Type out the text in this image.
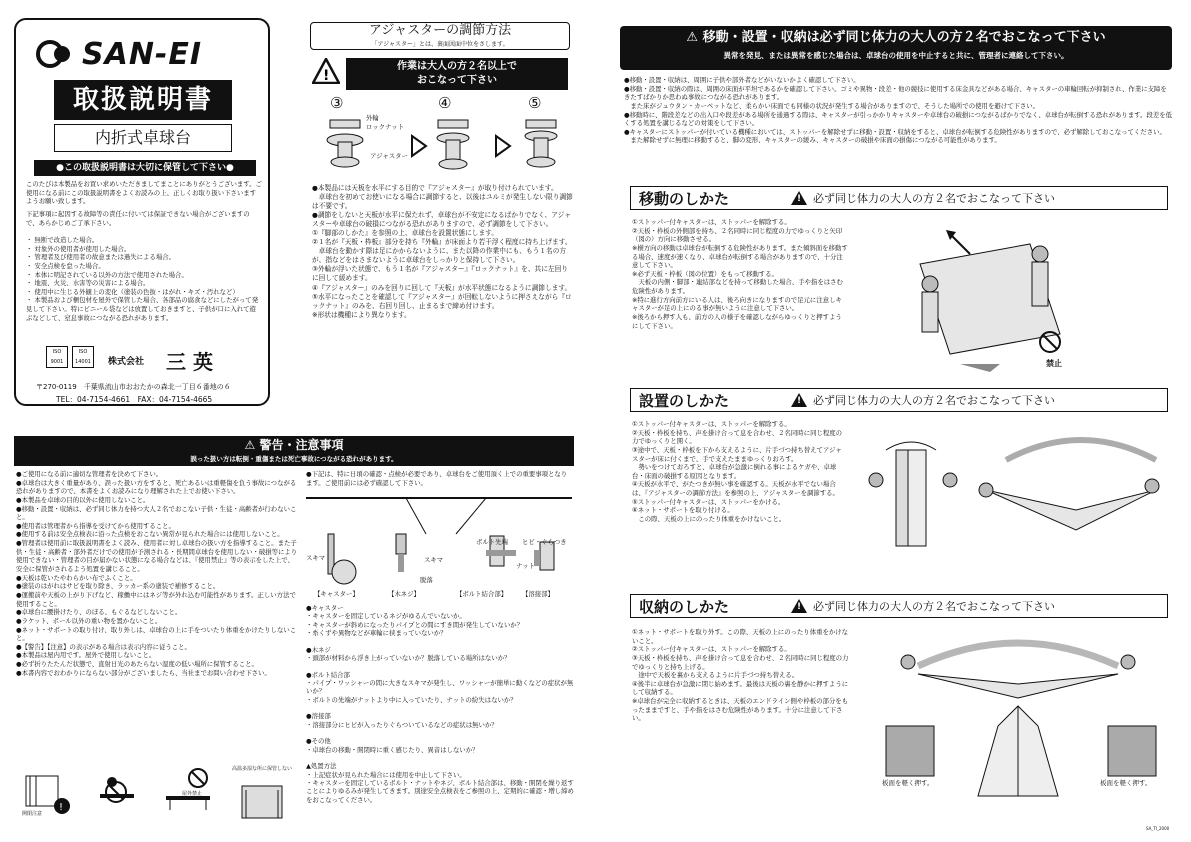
SAN-EI
取扱説明書
内折式卓球台
●この取扱説明書は大切に保管して下さい●
このたびは本製品をお買い求めいただきましてまことにありがとうございます。ご使用になる前にこの取扱説明書をよくお読みの上、正しくお取り扱い下さいますようお願い致します。
下記事項に起因する故障等の責任に付いては保証できない場合がございますので、あらかじめご了承下さい。
・ 無断で改造した場合。
・ 対象外の使用者が使用した場合。
・ 管理者及び使用者の故意または過失による場合。
・ 安全点検を怠った場合。
・ 本体に明記されている以外の方法で使用された場合。
・ 地震、火災、水害等の災害による場合。
・ 使用中に生じる外観上の変化（塗装の色抜・はがれ・キズ・汚れなど）
・ 本製品および梱包材を屋外で保管した場合、各部品の腐食などにしたがって発見して下さい。特にビニール袋などは放置しておきますと、子供が口に入れて遊ぶなどして、窒息事故につながる恐れがあります。
ISO 9001
ISO 14001	株式会社 三 英
〒270-0119　千葉県流山市おおたかの森北一丁目６番地の６
TEL：04-7154-4661　FAX：04-7154-4665
アジャスターの調節方法
「アジャスター」とは、裏面図面中位をさします。
!
作業は大人の方２名以上で
おこなって下さい
③	④	⑤
外輪
ロックナット
アジャスター
●本製品には天板を水平にする目的で『アジャスター』が取り付けられています。
　卓球台を初めてお使いになる場合に調節すると、以後はユルミが発生しない限り調節は不要です。
●調節をしないと天板が水平に保たれず、卓球台が不安定になるばかりでなく、アジャスターや卓球台の破損につながる恐れがありますので、必ず調節をして下さい。
①『脚部のしかた』を参照の上、卓球台を設置状態にします。
②１名が『天板・枠板』部分を持ち『外輪』が床面より若干浮く程度に持ち上げます。
　卓球台を動かす際は足にかからないように、また以降の作業中にも、もう１名の方が、指などをはさまないように卓球台をしっかりと保持して下さい。
③外輪が浮いた状態で、もう１名が『アジャスター』『ロックナット』を、共に左回りに回して緩めます。
④『アジャスター』のみを回りに回して『天板』が水平状態になるように調節します。
⑤水平になったことを確認して『アジャスター』が回転しないように押さえながら『ロックナット』のみを、右回り回し、止まるまで締め付けます。
※形状は機種により異なります。
⚠ 警告・注意事項
誤った扱い方は転倒・重傷または死亡事故につながる恐れがあります。
●ご使用になる前に適切な管理者を決めて下さい。
●卓球台は大きく重量があり、誤った扱い方をすると、死亡あるいは重軽傷を負う事故につながる恐れがありますので、本書をよくお読みになり理解された上でお使い下さい。
●本製品を卓球の目的以外に使用しないこと。
●移動・設置・収納は、必ず同じ体力を持つ大人２名でおこない子供・生徒・高齢者が行わないこと。
●使用者は管理者から指導を受けてから使用すること。
●使用する前は安全点検表に沿った点検をおこない異常が見られた場合には使用しないこと。
●管理者は使用前に取扱説明書をよく読み、使用者に対し卓球台の扱い方を指導すること。また子供・生徒・高齢者・部外者だけでの使用が予測される・長期間卓球台を使用しない・破損等により使用できない・管理者の目が届かない状態になる場合などは、『使用禁止』等の表示をした上で、安全に保管がされるよう処置を講じること。
●天板は乾いたやわらかい布でふくこと。
●塗装のはがれはサビを取り除き、ラッカー系の塗装で補修すること。
●運搬前や天板の上がり下げなど、稼働中にはネジ等が外れ込む可能性があります。正しい方法で使用すること。
●卓球台に腰掛けたり、のぼる、もぐるなどしないこと。
●ラケット、ボール以外の重い物を置かないこと。
●ネット・サポートの取り付け、取り外しは、卓球台の上に手をついたり体重をかけたりしないこと。
●【警告】【注意】の表示がある場合は表示内容に従うこと。
●本製品は屋内用です。屋外で使用しないこと。
●必ず折りたたんだ状態で、直射日光のあたらない湿度の低い場所に保管すること。
●本書内容でおわかりにならない部分がございましたら、当社までお問い合わせ下さい。
!
開閉注意
屋外禁止
高温多湿な所に保管しない
●下記は、特に日頃の確認・点検が必要であり、卓球台をご使用頂く上での重要事項となります。ご使用前には必ず確認して下さい。
スキマ	スキマ
ボルト先端 ヒビ・ぐらつき
脱落
ナット
【キャスター】	【木ネジ】	【ボルト結合部】 【溶接部】
●キャスター
・キャスターを固定しているネジがゆるんでいないか。
・キャスターが斜めになったりパイプとの間にすき間が発生していないか？
・糸くずや異物などが車輪に挟まっていないか？

●木ネジ
・頭部が材料から浮き上がっていないか？脱落している場所はないか？

●ボルト結合部
・パイプ・ワッシャーの間に大きなスキマが発生し、ワッシャーが簡単に動くなどの症状が無いか？
・ボルトの先端がナットより中に入っていたり、ナットの紛失はないか？

●溶接部
・溶接部分にヒビが入ったりぐらついているなどの症状は無いか？

●その他
・卓球台の移動・開閉時に重く感じたり、異音はしないか？

▲処置方法
・上記症状が見られた場合には使用を中止して下さい。
・キャスターを固定しているボルト・ナットやネジ、ボルト結合部は、移動・開閉を繰り返すことによりゆるみが発生してきます。別途安全点検表をご参照の上、定期的に確認・増し締めをおこなってください。
⚠ 移動・設置・収納は必ず同じ体力の大人の方２名でおこなって下さい
異常を発見、または異常を感じた場合は、卓球台の使用を中止すると共に、管理者に連絡して下さい。
●移動・設置・収納は、周囲に子供や部外者などがいないかよく確認して下さい。
●移動・設置・収納の際は、周囲の床面が平坦であるかを確認して下さい。ゴミや異物・段差・他の競技に使用する床金具などがある場合、キャスターの車輪回転が抑制され、作業に支障をきたすばかりか思わぬ事故につながる恐れがあります。
　また床がジュウタン・カーペットなど、柔らかい床面でも同様の状況が発生する場合がありますので、そうした場所での使用を避けて下さい。
●移動時に、階段差などの出入口や段差がある場所を通過する際は、キャスターが引っかかりキャスターや卓球台の破損につながるばかりでなく、卓球台が転倒する恐れがあります。段差を低くする処置を講じるなどの対策をして下さい。
●キャスターにストッパーが付いている機種においては、ストッパーを解除せずに移動・設置・収納をすると、卓球台が転倒する危険性がありますので、必ず解除しておこなってください。
　また解除せずに無理に移動すると、脚の変形、キャスターの緩み、キャスターの破損や床面の損傷につながる可能性があります。
移動のしかた !	必ず同じ体力の大人の方２名でおこなって下さい
①ストッパー付キャスターは、ストッパーを解除する。
②天板・枠板の外側部を持ち、２名同時に同じ程度の力でゆっくりと矢印（図の）方向に移動させる。
※横方向の移動は卓球台が転倒する危険性があります。また傾斜面を移動する場合、速度が速くなり、卓球台が転倒する場合がありますので、十分注意して下さい。
※必ず天板・枠板（図の位置）をもって移動する。
　天板の内側・脚部・連結部などを持って移動した場合、手や指をはさむ危険性があります。
※特に進行方向前方にいる人は、後ろ向きになりますので足元に注意しキャスターが足の上にのる事が無いように注意して下さい。
※後ろから押す人も、前方の人の様子を確認しながらゆっくりと押すようにして下さい。
禁止
設置のしかた !	必ず同じ体力の大人の方２名でおこなって下さい
①ストッパー付キャスターは、ストッパーを解除する。
②天板・枠板を持ち、声を掛け合って息を合わせ、２名同時に同じ程度の力でゆっくりと開く。
③途中で、天板・枠板を下から支えるように、片手づつ持ち替えてアジャスターが床に付くまで、手で支えたままゆっくりおろす。
　勢いをつけておろすと、卓球台が急激に倒れる事によるケガや、卓球台・床面の破損する原因となります。
④天板が水平で、がたつきが無い事を確認する。天板が水平でない場合は、『アジャスターの調節方法』を参照の上、アジャスターを調節する。
⑤ストッパー付キャスターは、ストッパーをかける。
⑥ネット・サポートを取り付ける。
　この際、天板の上にのったり体重をかけないこと。
収納のしかた !	必ず同じ体力の大人の方２名でおこなって下さい
①ネット・サポートを取り外す。この際、天板の上にのったり体重をかけないこと。
②ストッパー付キャスターは、ストッパーを解除する。
③天板・枠板を持ち、声を掛け合って息を合わせ、２名同時に同じ程度の力でゆっくりと持ち上げる。
　途中で天板を裏から支えるように片手づつ持ち替える。
④後半に卓球台が急激に閉じ始めます。最後は天板の裏を静かに押すようにして収納する。
※卓球台が完全に収納するときは、天板のエンドライン側や枠板の部分をもったままですと、手や指をはさむ危険性があります。十分に注意して下さい。
板面を軽く押す。	板面を軽く押す。
SA_TI_2000
